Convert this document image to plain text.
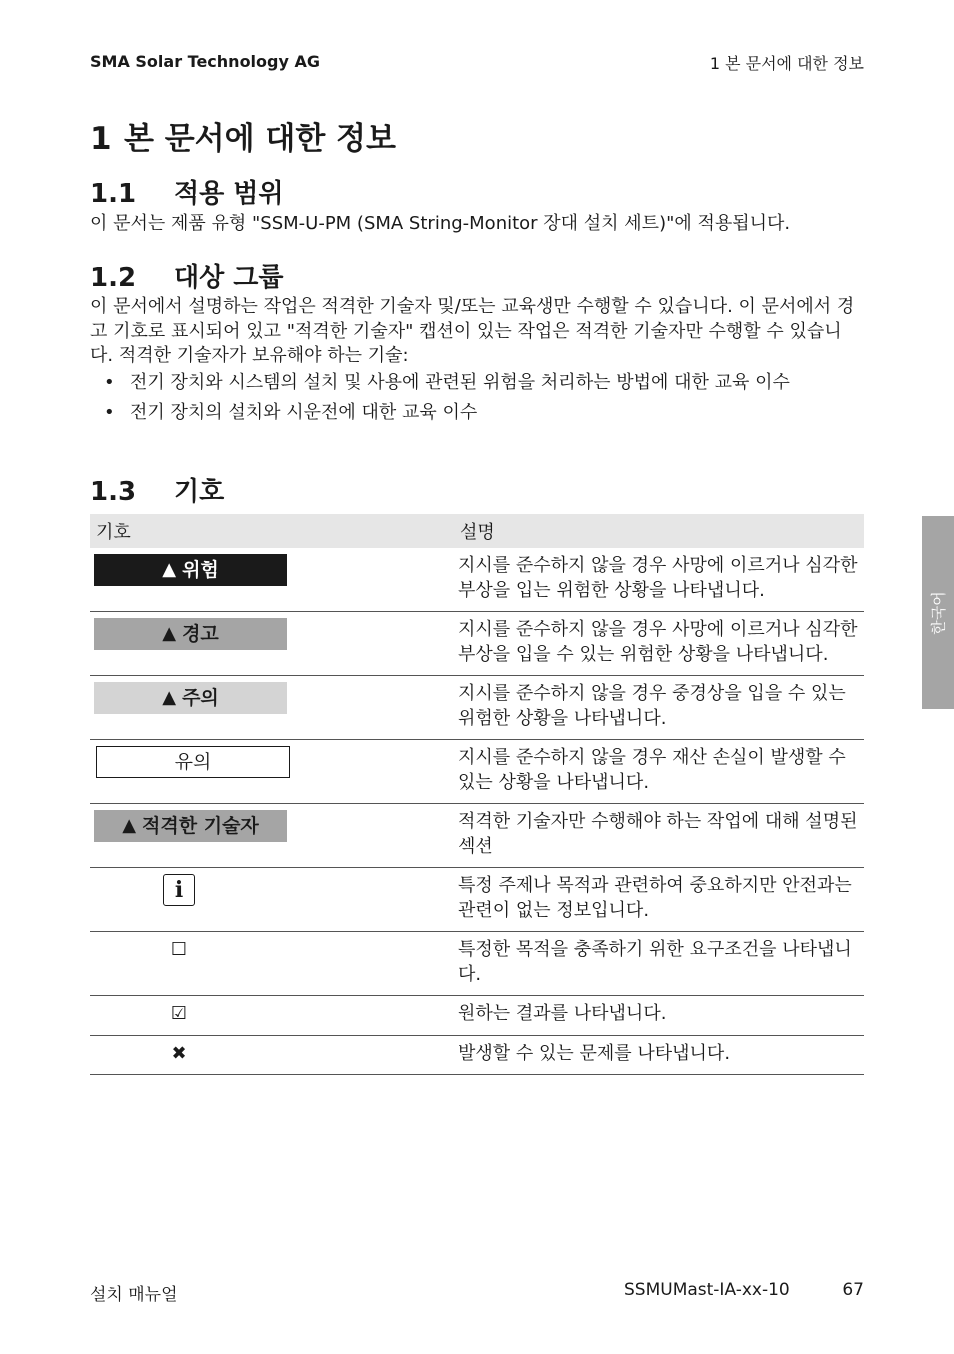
SMA Solar Technology AG	1 본 문서에 대한 정보
1 본 문서에 대한 정보
1.1 적용 범위
이 문서는 제품 유형 "SSM-U-PM (SMA String-Monitor 장대 설치 세트)"에 적용됩니다.
1.2 대상 그룹
이 문서에서 설명하는 작업은 적격한 기술자 및/또는 교육생만 수행할 수 있습니다. 이 문서에서 경고 기호로 표시되어 있고 "적격한 기술자" 캡션이 있는 작업은 적격한 기술자만 수행할 수 있습니다. 적격한 기술자가 보유해야 하는 기술:
• 전기 장치와 시스템의 설치 및 사용에 관련된 위험을 처리하는 방법에 대한 교육 이수
• 전기 장치의 설치와 시운전에 대한 교육 이수
1.3 기호
기호	설명

▲ 위험	지시를 준수하지 않을 경우 사망에 이르거나 심각한 부상을 입는 위험한 상황을 나타냅니다.

▲ 경고	지시를 준수하지 않을 경우 사망에 이르거나 심각한 부상을 입을 수 있는 위험한 상황을 나타냅니다.

▲ 주의	지시를 준수하지 않을 경우 중경상을 입을 수 있는 위험한 상황을 나타냅니다.

유의	지시를 준수하지 않을 경우 재산 손실이 발생할 수 있는 상황을 나타냅니다.

▲ 적격한 기술자	적격한 기술자만 수행해야 하는 작업에 대해 설명된 섹션

i	특정 주제나 목적과 관련하여 중요하지만 안전과는 관련이 없는 정보입니다.

☐	특정한 목적을 충족하기 위한 요구조건을 나타냅니다.

☑	원하는 결과를 나타냅니다.

✖	발생할 수 있는 문제를 나타냅니다.
한국어
설치 매뉴얼	SSMUMast-IA-xx-10	67
